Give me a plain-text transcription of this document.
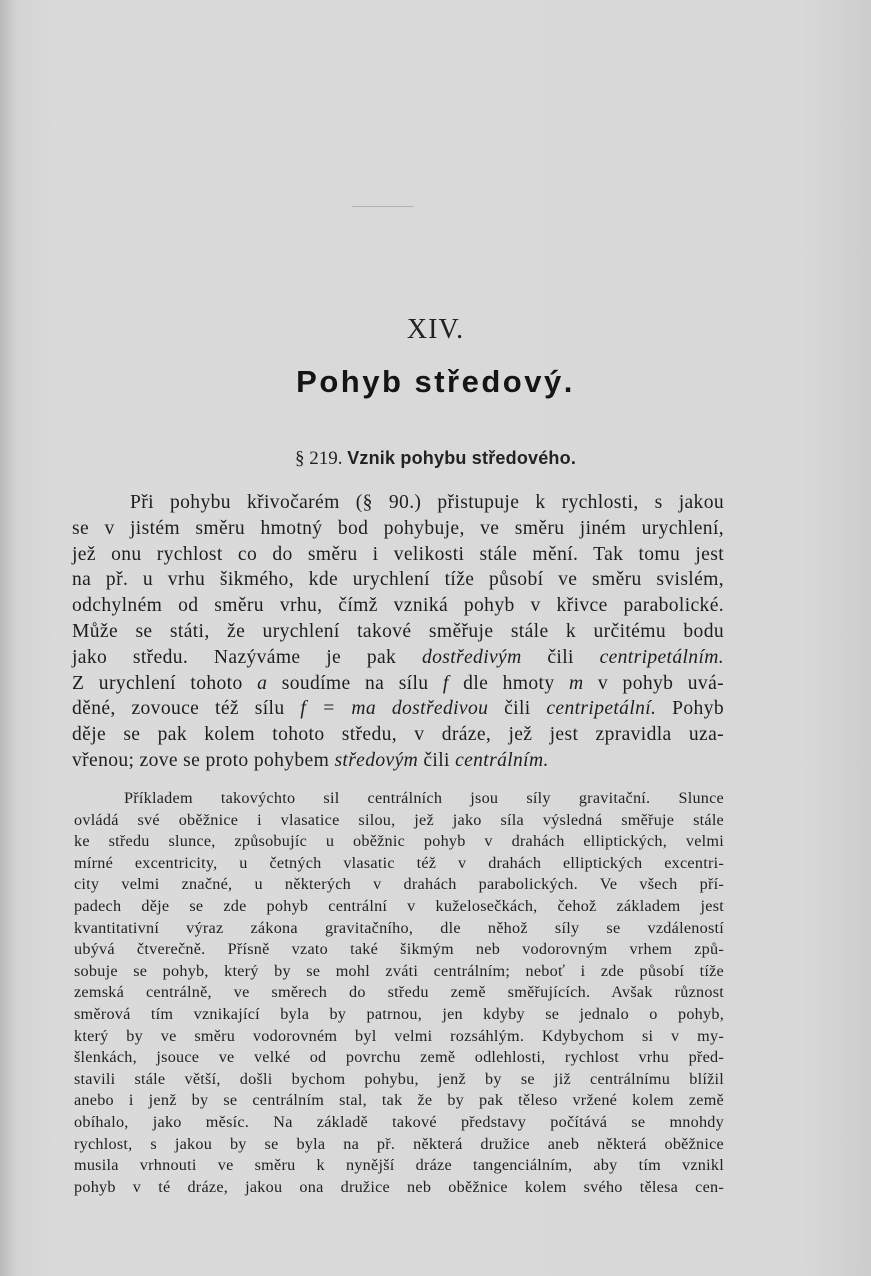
XIV.
Pohyb středový.
§ 219. Vznik pohybu středového.
Při pohybu křivočarém (§ 90.) přistupuje k rychlosti, s jakou
se v jistém směru hmotný bod pohybuje, ve směru jiném urychlení,
jež onu rychlost co do směru i velikosti stále mění. Tak tomu jest
na př. u vrhu šikmého, kde urychlení tíže působí ve směru svislém,
odchylném od směru vrhu, čímž vzniká pohyb v křivce parabolické.
Může se státi, že urychlení takové směřuje stále k určitému bodu
jako středu. Nazýváme je pak dostředivým čili centripetálním.
Z urychlení tohoto a soudíme na sílu f dle hmoty m v pohyb uvá-
děné, zovouce též sílu f = ma dostředivou čili centripetální. Pohyb
děje se pak kolem tohoto středu, v dráze, jež jest zpravidla uza-
vřenou; zove se proto pohybem středovým čili centrálním.
Příkladem takovýchto sil centrálních jsou síly gravitační. Slunce
ovládá své oběžnice i vlasatice silou, jež jako síla výsledná směřuje stále
ke středu slunce, způsobujíc u oběžnic pohyb v drahách elliptických, velmi
mírné excentricity, u četných vlasatic též v drahách elliptických excentri-
city velmi značné, u některých v drahách parabolických. Ve všech pří-
padech děje se zde pohyb centrální v kuželosečkách, čehož základem jest
kvantitativní výraz zákona gravitačního, dle něhož síly se vzdáleností
ubývá čtverečně. Přísně vzato také šikmým neb vodorovným vrhem způ-
sobuje se pohyb, který by se mohl zváti centrálním; neboť i zde působí tíže
zemská centrálně, ve směrech do středu země směřujících. Avšak různost
směrová tím vznikající byla by patrnou, jen kdyby se jednalo o pohyb,
který by ve směru vodorovném byl velmi rozsáhlým. Kdybychom si v my-
šlenkách, jsouce ve velké od povrchu země odlehlosti, rychlost vrhu před-
stavili stále větší, došli bychom pohybu, jenž by se již centrálnímu blížil
anebo i jenž by se centrálním stal, tak že by pak těleso vržené kolem země
obíhalo, jako měsíc. Na základě takové představy počítává se mnohdy
rychlost, s jakou by se byla na př. některá družice aneb některá oběžnice
musila vrhnouti ve směru k nynější dráze tangenciálním, aby tím vznikl
pohyb v té dráze, jakou ona družice neb oběžnice kolem svého tělesa cen-
